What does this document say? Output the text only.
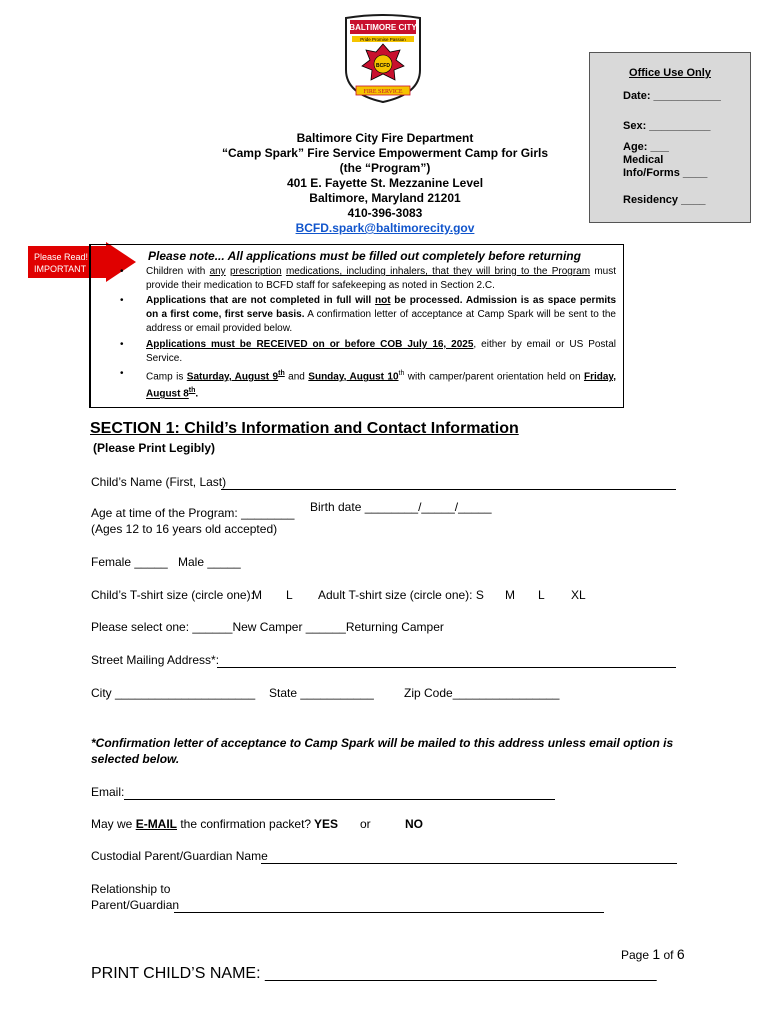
BALTIMORE CITY
Pride Promise Passion
BCFD
FIRE SERVICE
Office Use Only
Date: ___________
Sex: __________
Age: ___
Medical
Info/Forms ____
Residency ____
Baltimore City Fire Department
“Camp Spark” Fire Service Empowerment Camp for Girls
(the “Program”)
401 E. Fayette St. Mezzanine Level
Baltimore, Maryland 21201
410-396-3083
BCFD.spark@baltimorecity.gov
Please Read!
IMPORTANT
Please note... All applications must be filled out completely before returning
• Children with any prescription medications, including inhalers, that they will bring to the Program must provide their medication to BCFD staff for safekeeping as noted in Section 2.C.
• Applications that are not completed in full will not be processed. Admission is as space permits on a first come, first serve basis. A confirmation letter of acceptance at Camp Spark will be sent to the address or email provided below.
• Applications must be RECEIVED on or before COB July 16, 2025, either by email or US Postal Service.
• Camp is Saturday, August 9th and Sunday, August 10th with camper/parent orientation held on Friday, August 8th.
SECTION 1: Child’s Information and Contact Information
(Please Print Legibly)
Child’s Name (First, Last)
Birth date ________/_____/_____
Age at time of the Program: ________
(Ages 12 to 16 years old accepted)
Female _____ Male _____
Child’s T-shirt size (circle one):
M L Adult T-shirt size (circle one): S M L XL
Please select one: ______New Camper ______Returning Camper
Street Mailing Address*:
City _____________________ State ___________	Zip Code________________
*Confirmation letter of acceptance to Camp Spark will be mailed to this address unless email option is
selected below.
Email:
May we E-MAIL the confirmation packet? YES or	NO
Custodial Parent/Guardian Name
Relationship to
Parent/Guardian
Page 1 of 6
PRINT CHILD’S NAME: ____________________________________________
